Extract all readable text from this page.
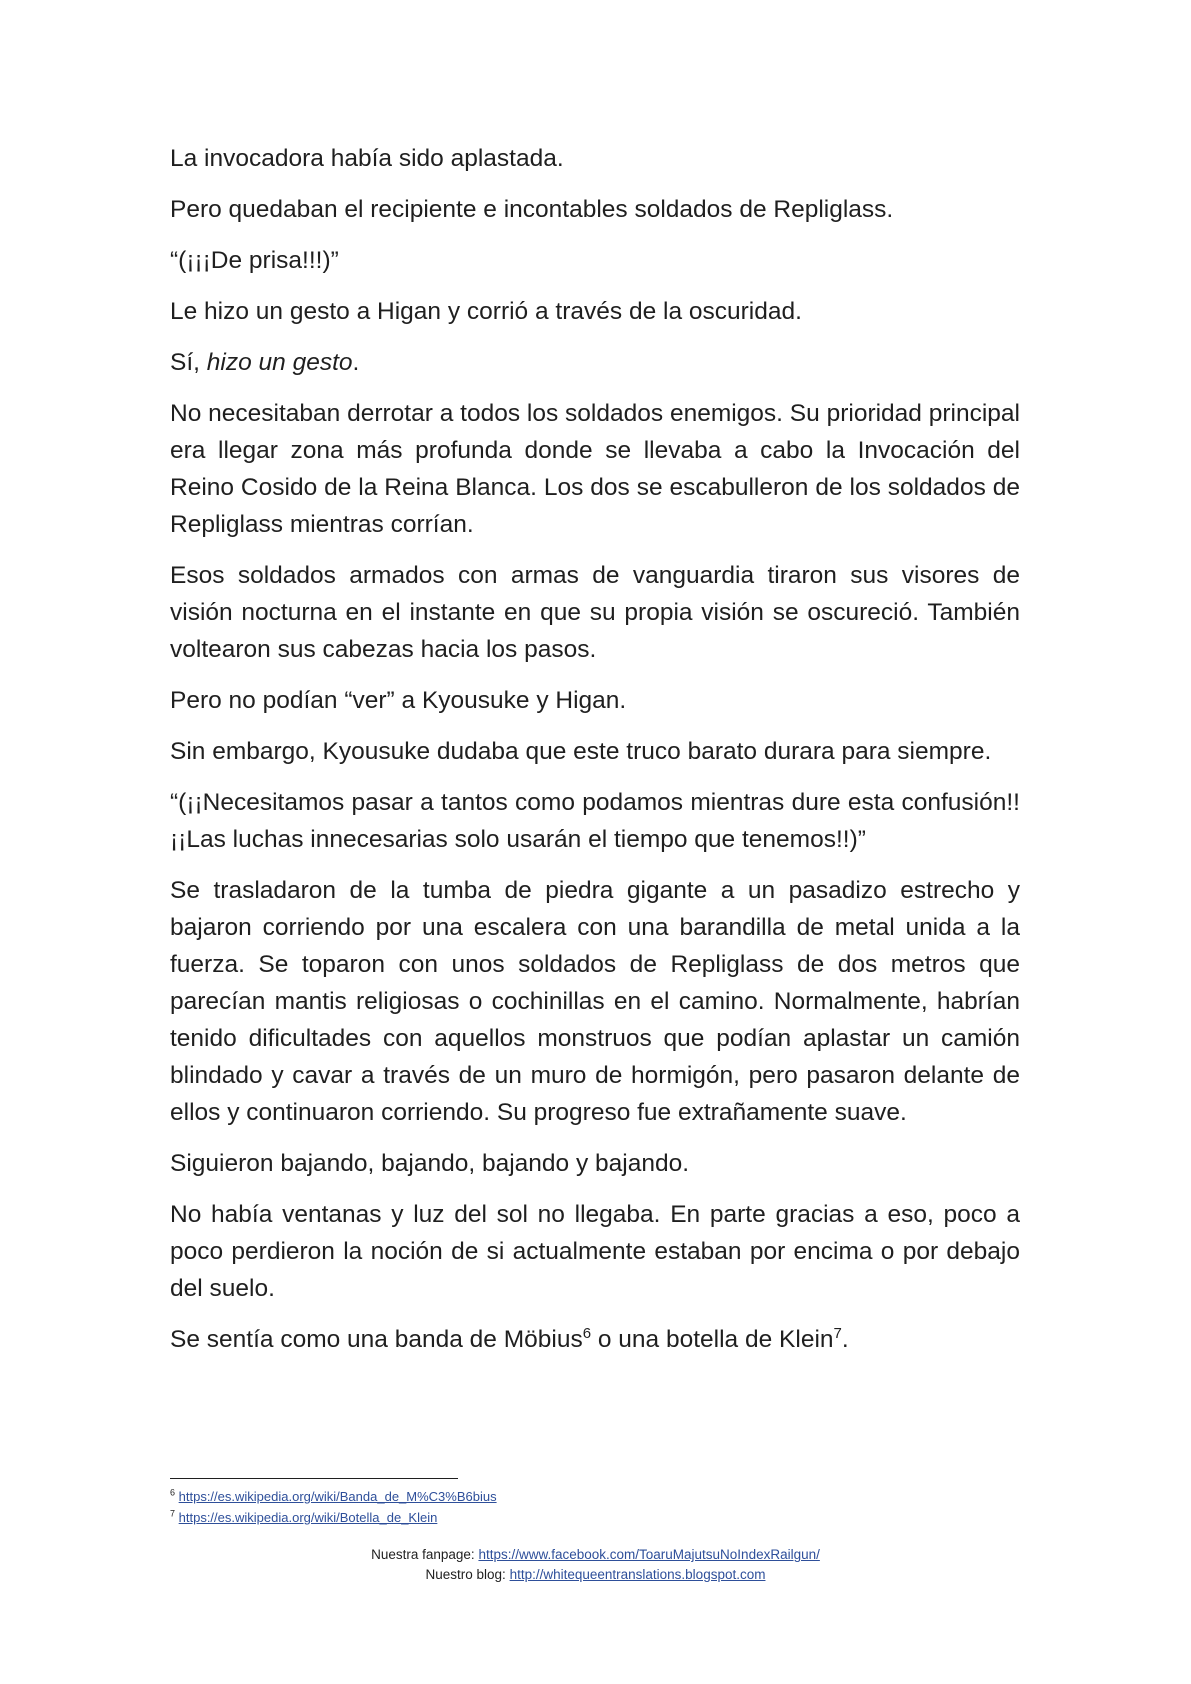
La invocadora había sido aplastada.

Pero quedaban el recipiente e incontables soldados de Repliglass.

“(¡¡¡De prisa!!!)”

Le hizo un gesto a Higan y corrió a través de la oscuridad.

Sí, hizo un gesto.

No necesitaban derrotar a todos los soldados enemigos. Su prioridad principal era llegar zona más profunda donde se llevaba a cabo la Invocación del Reino Cosido de la Reina Blanca. Los dos se escabulleron de los soldados de Repliglass mientras corrían.

Esos soldados armados con armas de vanguardia tiraron sus visores de visión nocturna en el instante en que su propia visión se oscureció. También voltearon sus cabezas hacia los pasos.

Pero no podían “ver” a Kyousuke y Higan.

Sin embargo, Kyousuke dudaba que este truco barato durara para siempre.

“(¡¡Necesitamos pasar a tantos como podamos mientras dure esta confusión!! ¡¡Las luchas innecesarias solo usarán el tiempo que tenemos!!)”

Se trasladaron de la tumba de piedra gigante a un pasadizo estrecho y bajaron corriendo por una escalera con una barandilla de metal unida a la fuerza. Se toparon con unos soldados de Repliglass de dos metros que parecían mantis religiosas o cochinillas en el camino. Normalmente, habrían tenido dificultades con aquellos monstruos que podían aplastar un camión blindado y cavar a través de un muro de hormigón, pero pasaron delante de ellos y continuaron corriendo. Su progreso fue extrañamente suave.

Siguieron bajando, bajando, bajando y bajando.

No había ventanas y luz del sol no llegaba. En parte gracias a eso, poco a poco perdieron la noción de si actualmente estaban por encima o por debajo del suelo.

Se sentía como una banda de Möbius$^6$ o una botella de Klein$^7$.

$^6$ https://es.wikipedia.org/wiki/Banda_de_M%C3%B6bius
$^7$ https://es.wikipedia.org/wiki/Botella_de_Klein
Nuestra fanpage: https://www.facebook.com/ToaruMajutsuNoIndexRailgun/
Nuestro blog: http://whitequeentranslations.blogspot.com
